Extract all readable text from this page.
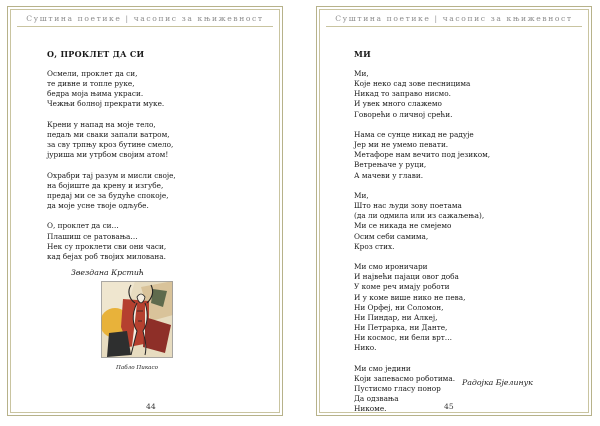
Суштина поетике | часопис за књижевност
О, ПРОКЛЕТ ДА СИ
Осмели, проклет да си,
те дивне и топле руке,
бедра моја њима украси.
Чежњи болној прекрати муке.
Крени у напад на моје тело,
педаљ ми сваки запали ватром,
за сву трпњу кроз бутине смело,
јуриша ми утрбом својим атом!
Охрабри тај разум и мисли своје,
на бојиште да крену и изгубе,
предај ми се за будуће спокоје,
да моје усне твоје одљубе.
О, проклет да си…
Плашиш се ратовања…
Нек су проклети сви они часи,
кад бејах роб твојих милована.
Звездана Крстић
Пабло Пикасо
44
Суштина поетике | часопис за књижевност
МИ
Ми,
Које неко сад зове песницима
Никад то заправо нисмо.
И увек много слажемо
Говорећи о личној срећи.
Нама се сунце никад не радује
Јер ми не умемо певати.
Метафоре нам вечито под језиком,
Ветрењаче у руци,
А мачеви у глави.
Ми,
Што нас људи зову поетама
(да ли одмила или из сажаљења),
Ми се никада не смејемо
Осим себи самима,
Кроз стих.
Ми смо ироничари
И највећи пајаци овог доба
У коме реч имају роботи
И у коме више нико не пева,
Ни Орфеј, ни Соломон,
Ни Пиндар, ни Алкеј,
Ни Петрарка, ни Данте,
Ни космос, ни бели врт…
Нико.
Ми смо једини
Који запевасмо роботима.
Пустисмо гласу понор
Да одзвања
Никоме.
Радојка Бјелинук
45
